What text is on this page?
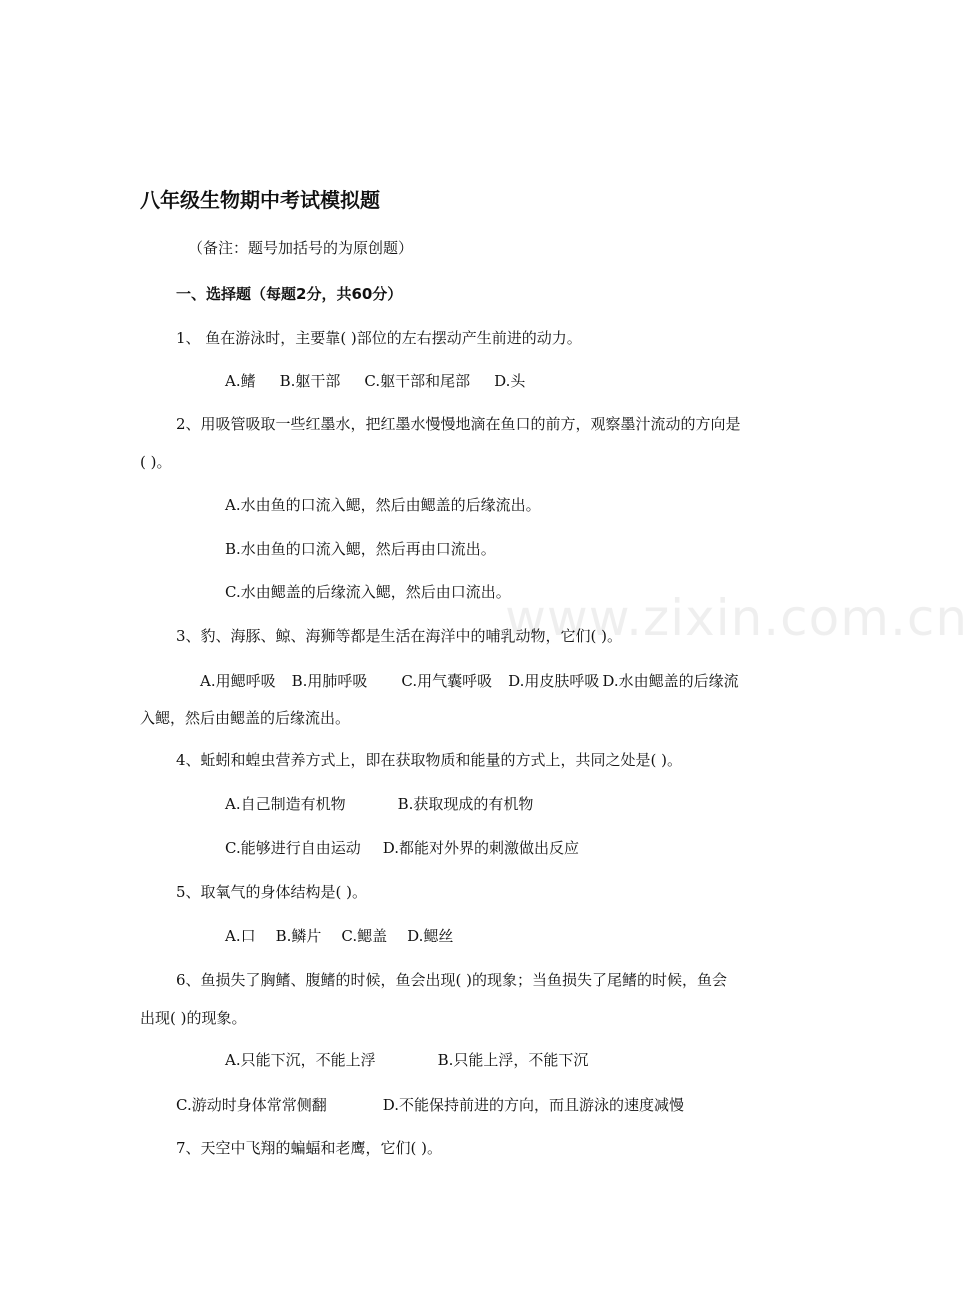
八年级生物期中考试模拟题
（备注：题号加括号的为原创题）
一、选择题（每题2分，共60分）
1、 鱼在游泳时，主要靠( )部位的左右摆动产生前进的动力。
A.鳍 B.躯干部 C.躯干部和尾部 D.头
2、用吸管吸取一些红墨水，把红墨水慢慢地滴在鱼口的前方，观察墨汁流动的方向是
( )。
A.水由鱼的口流入鳃，然后由鳃盖的后缘流出。
B.水由鱼的口流入鳃，然后再由口流出。
C.水由鳃盖的后缘流入鳃，然后由口流出。
3、豹、海豚、鲸、海狮等都是生活在海洋中的哺乳动物，它们( )。
A.用鳃呼吸 B.用肺呼吸 C.用气囊呼吸 D.用皮肤呼吸 D.水由鳃盖的后缘流
入鳃，然后由鳃盖的后缘流出。
4、蚯蚓和蝗虫营养方式上，即在获取物质和能量的方式上，共同之处是( )。
A.自己制造有机物	B.获取现成的有机物
C.能够进行自由运动 D.都能对外界的刺激做出反应
5、取氧气的身体结构是( )。
A.口 B.鳞片 C.鳃盖 D.鳃丝
6、鱼损失了胸鳍、腹鳍的时候，鱼会出现( )的现象；当鱼损失了尾鳍的时候，鱼会
出现( )的现象。
A.只能下沉，不能上浮	B.只能上浮，不能下沉
C.游动时身体常常侧翻	D.不能保持前进的方向，而且游泳的速度减慢
7、天空中飞翔的蝙蝠和老鹰，它们( )。
www.zixin.com.cn
